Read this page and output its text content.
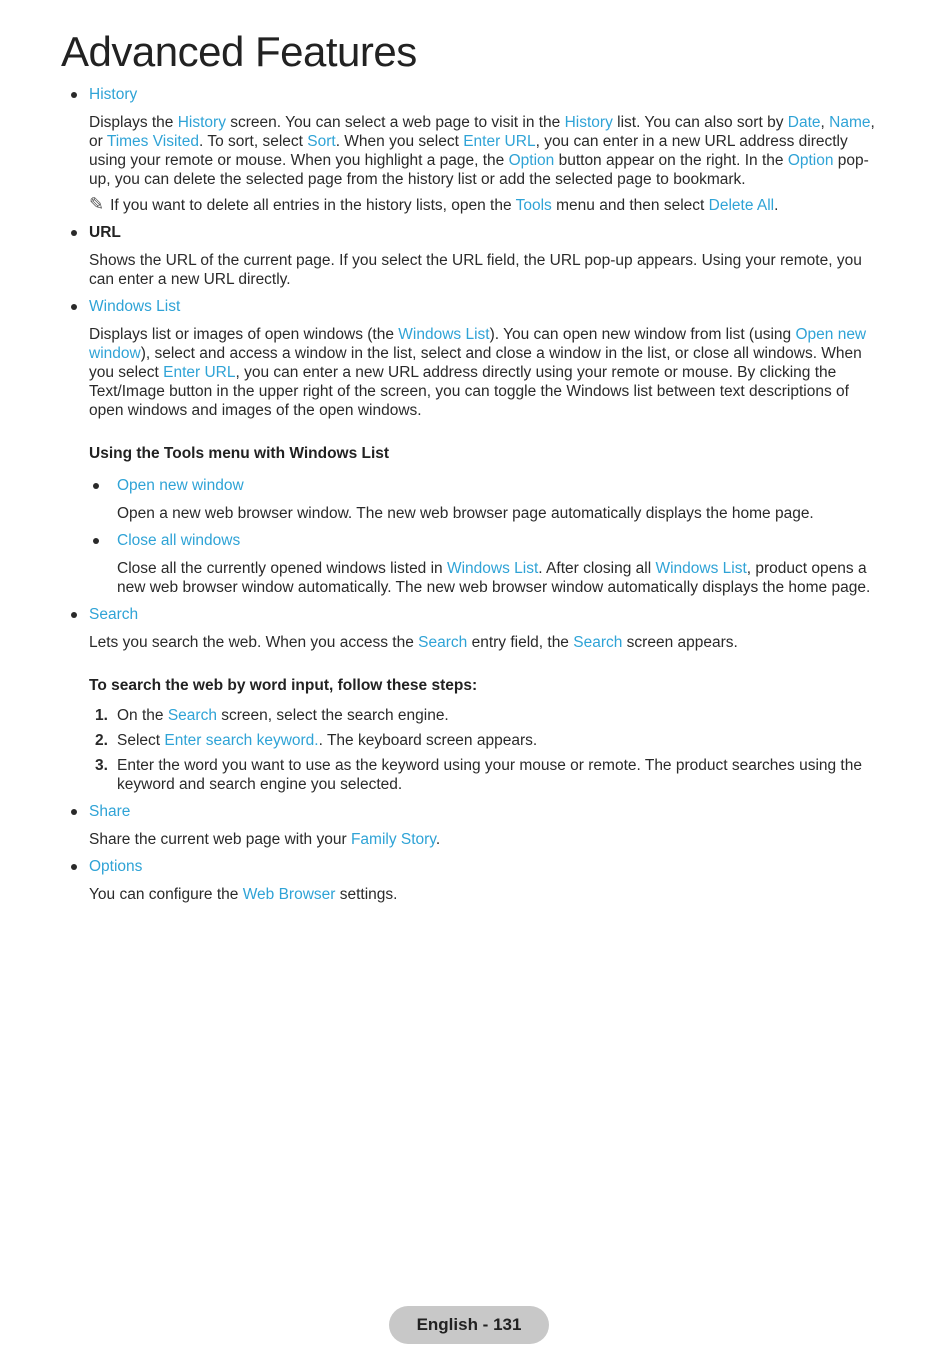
Advanced Features
History

Displays the History screen. You can select a web page to visit in the History list. You can also sort by Date, Name, or Times Visited. To sort, select Sort. When you select Enter URL, you can enter in a new URL address directly using your remote or mouse. When you highlight a page, the Option button appear on the right. In the Option pop-up, you can delete the selected page from the history list or add the selected page to bookmark.

✎ If you want to delete all entries in the history lists, open the Tools menu and then select Delete All.
URL

Shows the URL of the current page. If you select the URL field, the URL pop-up appears. Using your remote, you can enter a new URL directly.

Windows List

Displays list or images of open windows (the Windows List). You can open new window from list (using Open new window), select and access a window in the list, select and close a window in the list, or close all windows. When you select Enter URL, you can enter a new URL address directly using your remote or mouse. By clicking the Text/Image button in the upper right of the screen, you can toggle the Windows list between text descriptions of open windows and images of the open windows.

Using the Tools menu with Windows List
Open new window

Open a new web browser window. The new web browser page automatically displays the home page.

Close all windows

Close all the currently opened windows listed in Windows List. After closing all Windows List, product opens a new web browser window automatically. The new web browser window automatically displays the home page.

Search

Lets you search the web. When you access the Search entry field, the Search screen appears.

To search the web by word input, follow these steps:
1. On the Search screen, select the search engine.
2. Select Enter search keyword.. The keyboard screen appears.
3. Enter the word you want to use as the keyword using your mouse or remote. The product searches using the keyword and search engine you selected.
Share

Share the current web page with your Family Story.

Options

You can configure the Web Browser settings.

English - 131
